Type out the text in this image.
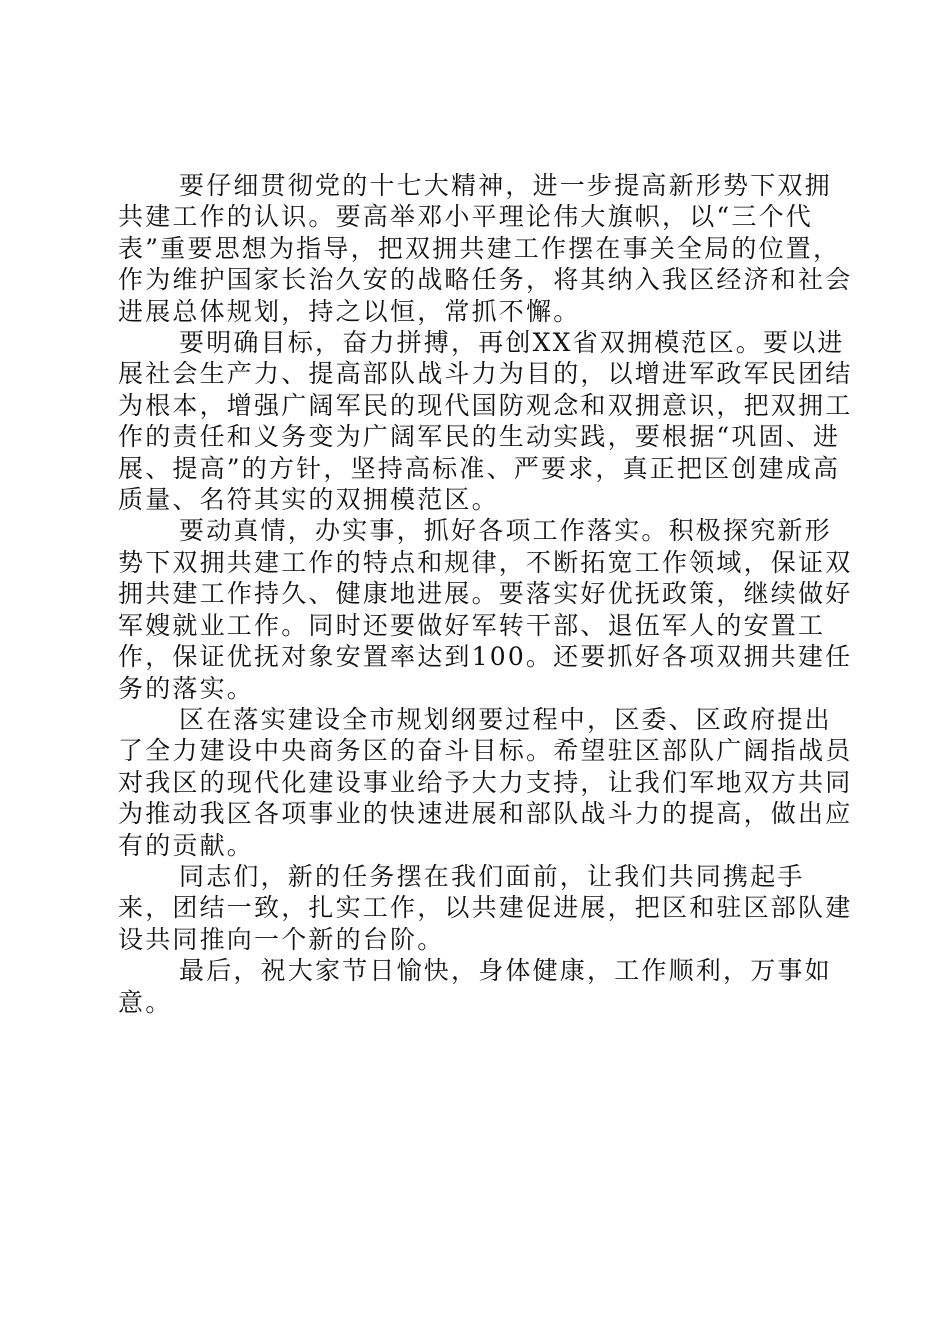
要仔细贯彻党的十七大精神，进一步提高新形势下双拥共建工作的认识。要高举邓小平理论伟大旗帜，以“三个代表”重要思想为指导，把双拥共建工作摆在事关全局的位置，作为维护国家长治久安的战略任务，将其纳入我区经济和社会进展总体规划，持之以恒，常抓不懈。

要明确目标，奋力拼搏，再创XX省双拥模范区。要以进展社会生产力、提高部队战斗力为目的，以增进军政军民团结为根本，增强广阔军民的现代国防观念和双拥意识，把双拥工作的责任和义务变为广阔军民的生动实践，要根据“巩固、进展、提高”的方针，坚持高标准、严要求，真正把区创建成高质量、名符其实的双拥模范区。

要动真情，办实事，抓好各项工作落实。积极探究新形势下双拥共建工作的特点和规律，不断拓宽工作领域，保证双拥共建工作持久、健康地进展。要落实好优抚政策，继续做好军嫂就业工作。同时还要做好军转干部、退伍军人的安置工作，保证优抚对象安置率达到100。还要抓好各项双拥共建任务的落实。

区在落实建设全市规划纲要过程中，区委、区政府提出了全力建设中央商务区的奋斗目标。希望驻区部队广阔指战员对我区的现代化建设事业给予大力支持，让我们军地双方共同为推动我区各项事业的快速进展和部队战斗力的提高，做出应有的贡献。

同志们，新的任务摆在我们面前，让我们共同携起手来，团结一致，扎实工作，以共建促进展，把区和驻区部队建设共同推向一个新的台阶。

最后，祝大家节日愉快，身体健康，工作顺利，万事如意。
